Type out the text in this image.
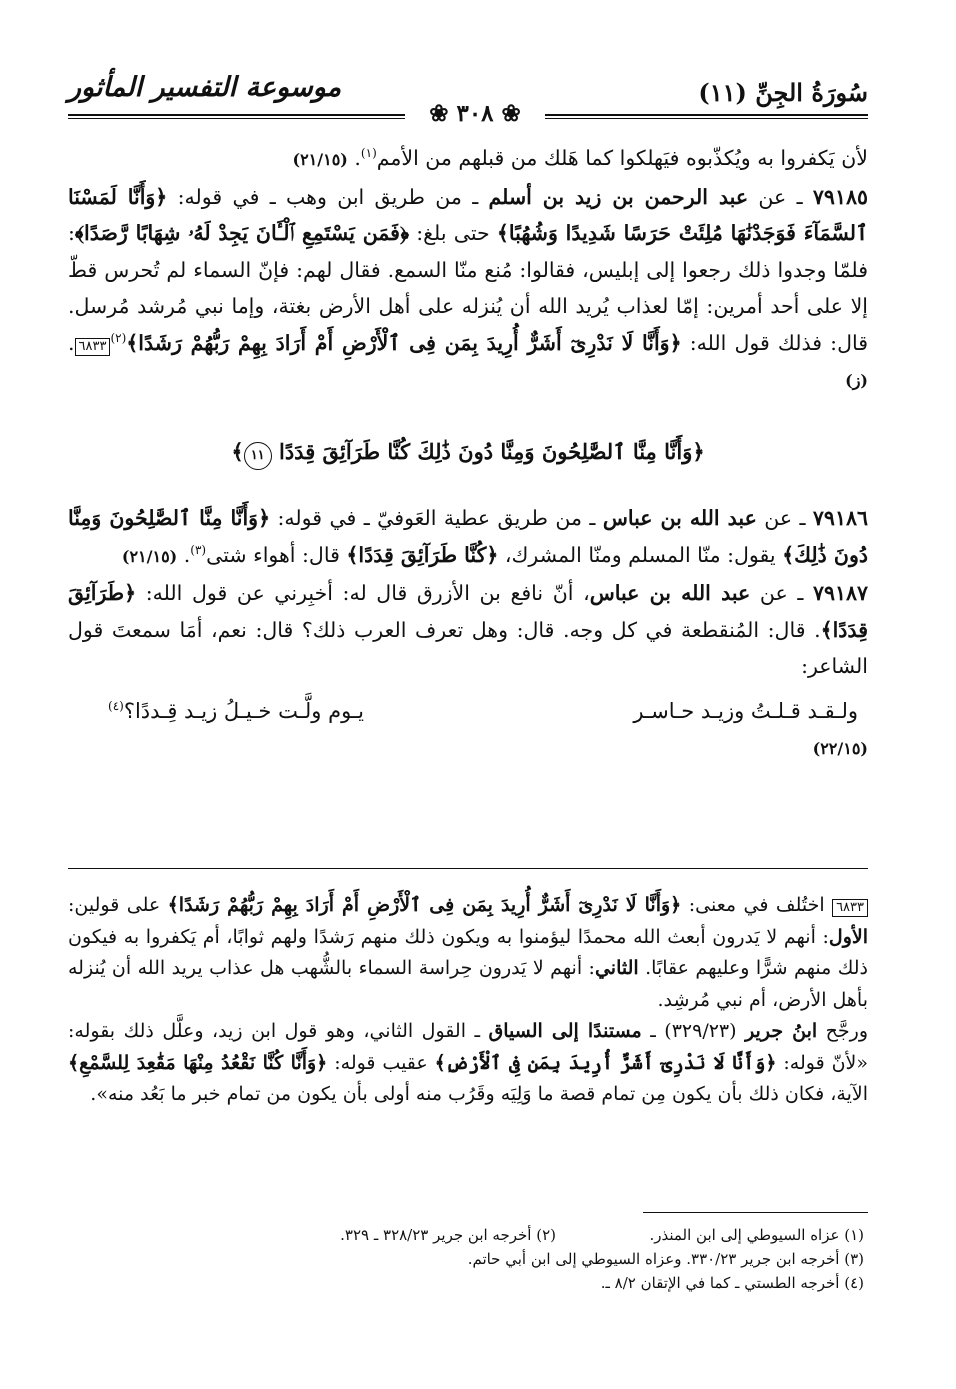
سُورَةُ الجِنِّ (١١)
موسوعة التفسير المأثور
❀ ٣٠٨ ❀

لأن يَكفروا به ويُكذّبوه فيَهلكوا كما هَلك من قبلهم من الأمم$^{(١)}$. (٢١/١٥)

٧٩١٨٥ ـ عن عبد الرحمن بن زيد بن أسلم ـ من طريق ابن وهب ـ في قوله: ﴿وَأَنَّا لَمَسْنَا ٱلسَّمَآءَ فَوَجَدْنَٰهَا مُلِئَتْ حَرَسًا شَدِيدًا وَشُهُبًا﴾ حتى بلغ: ﴿فَمَن يَسْتَمِعِ ٱلْـَٔانَ يَجِدْ لَهُۥ شِهَابًا رَّصَدًا﴾: فلمّا وجدوا ذلك رجعوا إلى إبليس، فقالوا: مُنع منّا السمع. فقال لهم: فإنّ السماء لم تُحرس قطّ إلا على أحد أمرين: إمّا لعذاب يُريد الله أن يُنزله على أهل الأرض بغتة، وإما نبي مُرشد مُرسل. قال: فذلك قول الله: ﴿وَأَنَّا لَا نَدْرِىٓ أَشَرٌّ أُرِيدَ بِمَن فِى ٱلْأَرْضِ أَمْ أَرَادَ بِهِمْ رَبُّهُمْ رَشَدًا﴾$^{(٢)}$٦٨٣٣. (ز)

﴿وَأَنَّا مِنَّا ٱلصَّٰلِحُونَ وَمِنَّا دُونَ ذَٰلِكَ كُنَّا طَرَآئِقَ قِدَدًا ١١﴾

٧٩١٨٦ ـ عن عبد الله بن عباس ـ من طريق عطية العَوفيّ ـ في قوله: ﴿وَأَنَّا مِنَّا ٱلصَّٰلِحُونَ وَمِنَّا دُونَ ذَٰلِكَ﴾ يقول: منّا المسلم ومنّا المشرك، ﴿كُنَّا طَرَآئِقَ قِدَدًا﴾ قال: أهواء شتى$^{(٣)}$. (٢١/١٥)

٧٩١٨٧ ـ عن عبد الله بن عباس، أنّ نافع بن الأزرق قال له: أخبِرني عن قول الله: ﴿طَرَآئِقَ قِدَدًا﴾. قال: المُنقطعة في كل وجه. قال: وهل تعرف العرب ذلك؟ قال: نعم، أمَا سمعتَ قول الشاعر:

ولـقـد قـلـتُ وزيـد حـاسـر
يـوم ولَّـت خـيـلُ زيـد قِـددًا؟$^{(٤)}$

(٢٢/١٥)

٦٨٣٣ اختُلف في معنى: ﴿وَأَنَّا لَا نَدْرِىٓ أَشَرٌّ أُرِيدَ بِمَن فِى ٱلْأَرْضِ أَمْ أَرَادَ بِهِمْ رَبُّهُمْ رَشَدًا﴾ على قولين: الأول: أنهم لا يَدرون أبعث الله محمدًا ليؤمنوا به ويكون ذلك منهم رَشدًا ولهم ثوابًا، أم يَكفروا به فيكون ذلك منهم شرًّا وعليهم عقابًا. الثاني: أنهم لا يَدرون حِراسة السماء بالشُّهب هل عذاب يريد الله أن يُنزله بأهل الأرض، أم نبي مُرشِد.

ورجَّح ابنُ جرير (٣٢٩/٢٣) ـ مستندًا إلى السياق ـ القول الثاني، وهو قول ابن زيد، وعلَّل ذلك بقوله: «لأنّ قوله: ﴿وَأَنَّا لَا نَدْرِىٓ أَشَرٌّ أُرِيدَ بِمَن فِى ٱلْأَرْضِ﴾ عقيب قوله: ﴿وَأَنَّا كُنَّا نَقْعُدُ مِنْهَا مَقَٰعِدَ لِلسَّمْعِ﴾ الآية، فكان ذلك بأن يكون مِن تمام قصة ما وَلِيَه وقَرُب منه أولى بأن يكون من تمام خبر ما بَعُد منه».

(١) عزاه السيوطي إلى ابن المنذر.
(٢) أخرجه ابن جرير ٣٢٨/٢٣ ـ ٣٢٩.
(٣) أخرجه ابن جرير ٣٣٠/٢٣. وعزاه السيوطي إلى ابن أبي حاتم.
(٤) أخرجه الطستي ـ كما في الإتقان ٨/٢ ـ.
